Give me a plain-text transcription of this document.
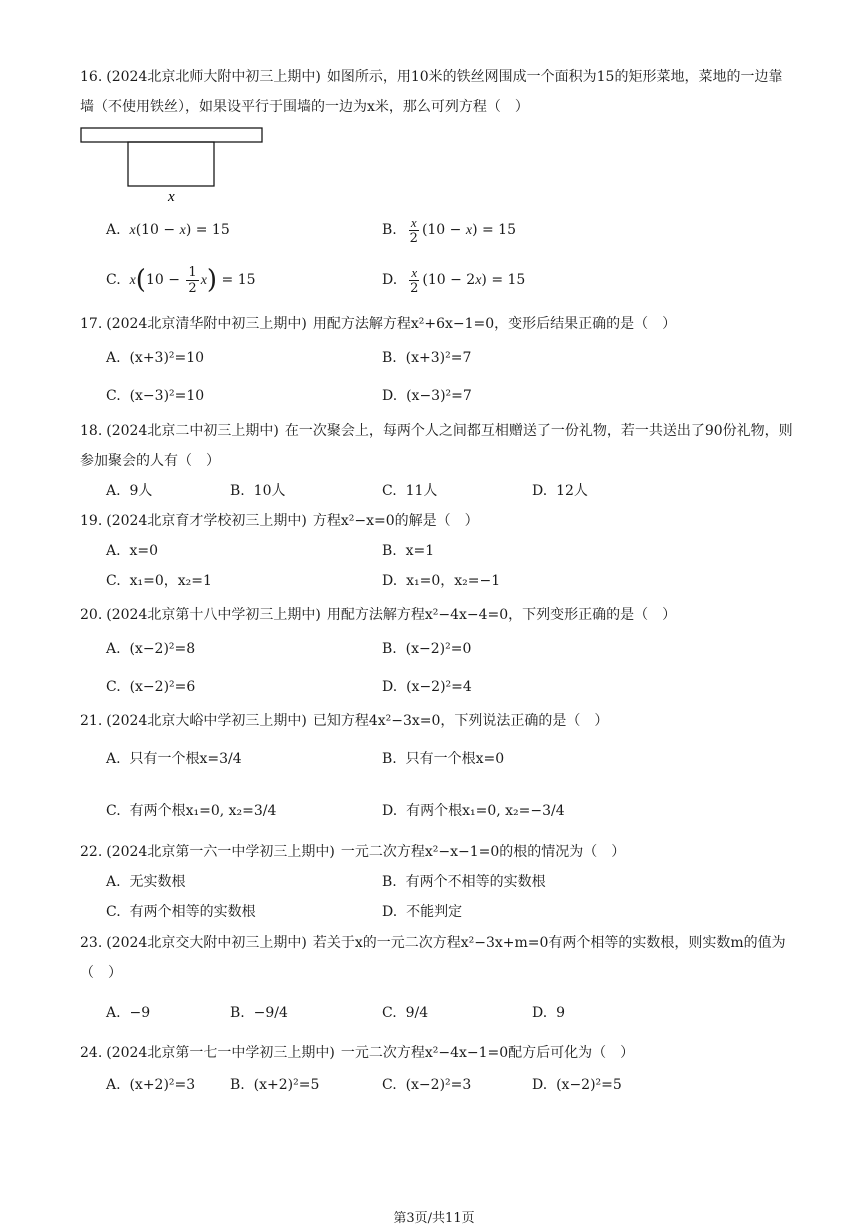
16. (2024北京北师大附中初三上期中) 如图所示，用10米的铁丝网围成一个面积为15的矩形菜地，菜地的一边靠墙（不使用铁丝），如果设平行于围墙的一边为x米，那么可列方程（　）
x
A. x(10 − x) = 15	B. $\frac{x}{2} (10 - x) = 15$
C. $x(10 - \frac{1}{2} x) = 15$	D. $\frac{x}{2} (10 - 2x) = 15$
17. (2024北京清华附中初三上期中) 用配方法解方程x²+6x−1=0，变形后结果正确的是（　）
A. (x+3)²=10	B. (x+3)²=7
C. (x−3)²=10	D. (x−3)²=7
18. (2024北京二中初三上期中) 在一次聚会上，每两个人之间都互相赠送了一份礼物，若一共送出了90份礼物，则参加聚会的人有（　）
A. 9人	B. 10人	C. 11人	D. 12人
19. (2024北京育才学校初三上期中) 方程x²−x=0的解是（　）
A. x=0	B. x=1
C. x₁=0，x₂=1	D. x₁=0，x₂=−1
20. (2024北京第十八中学初三上期中) 用配方法解方程x²−4x−4=0，下列变形正确的是（　）
A. (x−2)²=8	B. (x−2)²=0
C. (x−2)²=6	D. (x−2)²=4
21. (2024北京大峪中学初三上期中) 已知方程4x²−3x=0，下列说法正确的是（　）
A. 只有一个根x=3/4	B. 只有一个根x=0
C. 有两个根x₁=0, x₂=3/4	D. 有两个根x₁=0, x₂=−3/4
22. (2024北京第一六一中学初三上期中) 一元二次方程x²−x−1=0的根的情况为（　）
A. 无实数根	B. 有两个不相等的实数根
C. 有两个相等的实数根	D. 不能判定
23. (2024北京交大附中初三上期中) 若关于x的一元二次方程x²−3x+m=0有两个相等的实数根，则实数m的值为（　）
A. −9	B. −9/4	C. 9/4	D. 9
24. (2024北京第一七一中学初三上期中) 一元二次方程x²−4x−1=0配方后可化为（　）
A. (x+2)²=3 B. (x+2)²=5	C. (x−2)²=3	D. (x−2)²=5
第3页/共11页
